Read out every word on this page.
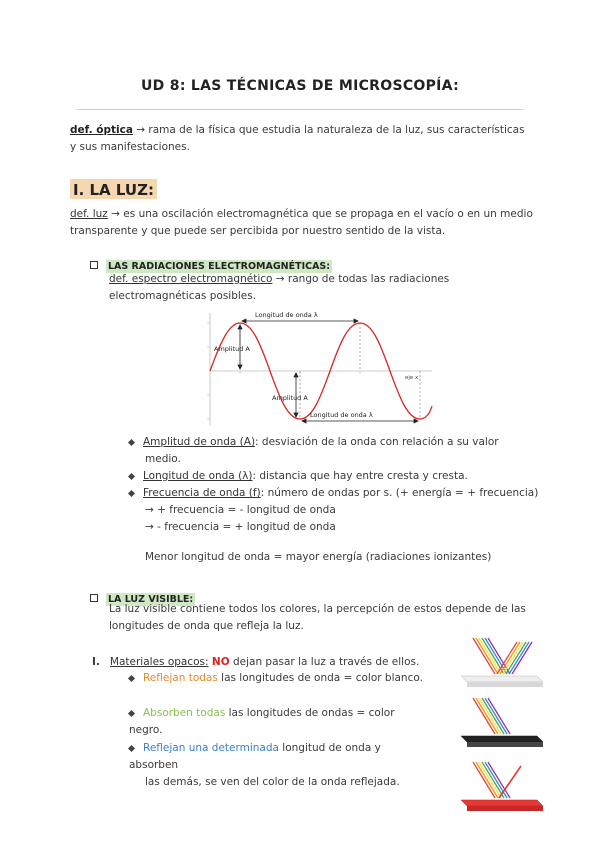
UD 8: LAS TÉCNICAS DE MICROSCOPÍA:
def. óptica → rama de la física que estudia la naturaleza de la luz, sus características
y sus manifestaciones.
I. LA LUZ:
def. luz → es una oscilación electromagnética que se propaga en el vacío o en un medio
transparente y que puede ser percibida por nuestro sentido de la vista.
LAS RADIACIONES ELECTROMAGNÉTICAS:
def. espectro electromagnético → rango de todas las radiaciones
electromagnéticas posibles.
Longitud de onda λ
Amplitud A
Amplitud A
Longitud de onda λ
eje x
Amplitud de onda (A): desviación de la onda con relación a su valor
medio.
Longitud de onda (λ): distancia que hay entre cresta y cresta.
Frecuencia de onda (f): número de ondas por s. (+ energía = + frecuencia)
→ + frecuencia = - longitud de onda
→ - frecuencia = + longitud de onda
Menor longitud de onda = mayor energía (radiaciones ionizantes)
LA LUZ VISIBLE:
La luz visible contiene todos los colores, la percepción de estos depende de las
longitudes de onda que refleja la luz.
I. Materiales opacos: NO dejan pasar la luz a través de ellos.
Reflejan todas las longitudes de onda = color blanco.
Absorben todas las longitudes de ondas = color negro.
Reflejan una determinada longitud de onda y absorben
las demás, se ven del color de la onda reflejada.
